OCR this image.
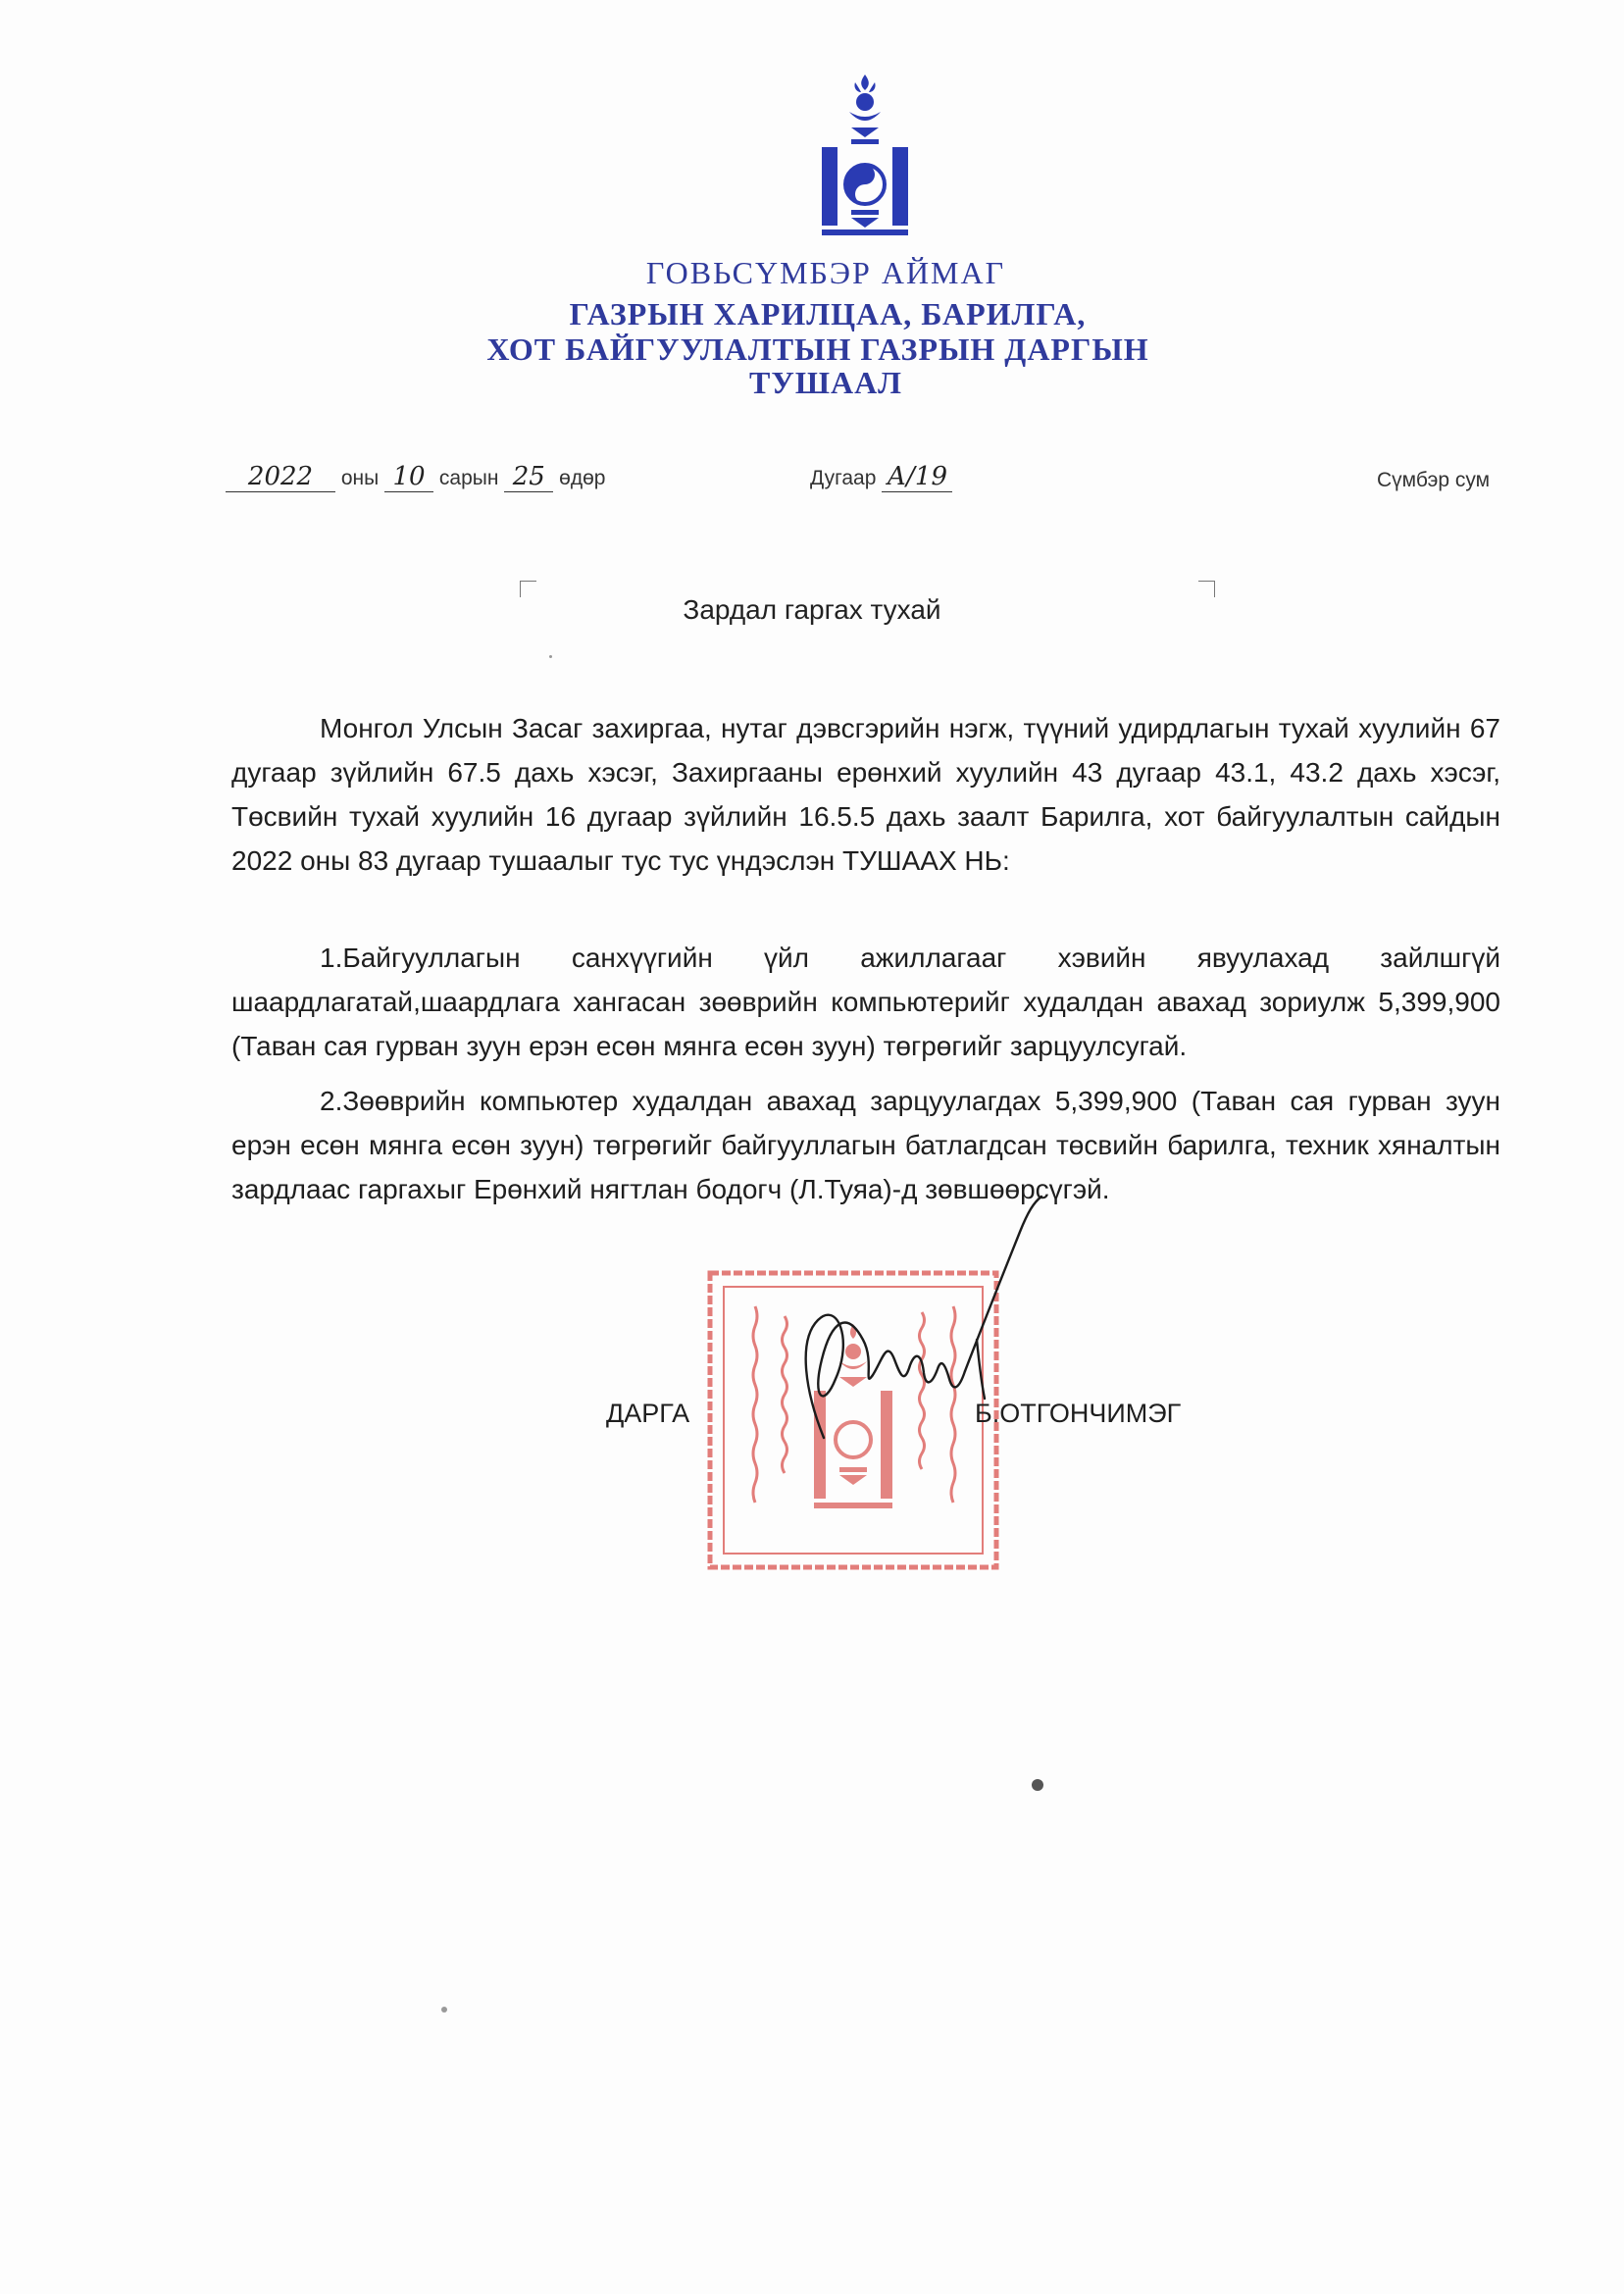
ГОВЬСҮМБЭР АЙМАГ
ГАЗРЫН ХАРИЛЦАА, БАРИЛГА,
ХОТ БАЙГУУЛАЛТЫН ГАЗРЫН ДАРГЫН
ТУШААЛ
2022 оны 10 сарын 25 өдөр	Дугаар А/19	Сүмбэр сум
Зардал гаргах тухай
Монгол Улсын Засаг захиргаа, нутаг дэвсгэрийн нэгж, түүний удирдлагын тухай хуулийн 67 дугаар зүйлийн 67.5 дахь хэсэг, Захиргааны ерөнхий хуулийн 43 дугаар 43.1, 43.2 дахь хэсэг, Төсвийн тухай хуулийн 16 дугаар зүйлийн 16.5.5 дахь заалт Барилга, хот байгуулалтын сайдын 2022 оны 83 дугаар тушаалыг тус тус үндэслэн ТУШААХ НЬ:
1.Байгууллагын санхүүгийн үйл ажиллагааг хэвийн явуулахад зайлшгүй шаардлагатай,шаардлага хангасан зөөврийн компьютерийг худалдан авахад зориулж 5,399,900 (Таван сая гурван зуун ерэн есөн мянга есөн зуун) төгрөгийг зарцуулсугай.
2.Зөөврийн компьютер худалдан авахад зарцуулагдах 5,399,900 (Таван сая гурван зуун ерэн есөн мянга есөн зуун) төгрөгийг байгууллагын батлагдсан төсвийн барилга, техник хяналтын зардлаас гаргахыг Ерөнхий нягтлан бодогч (Л.Туяа)-д зөвшөөрсүгэй.
ДАРГА	Б.ОТГОНЧИМЭГ
